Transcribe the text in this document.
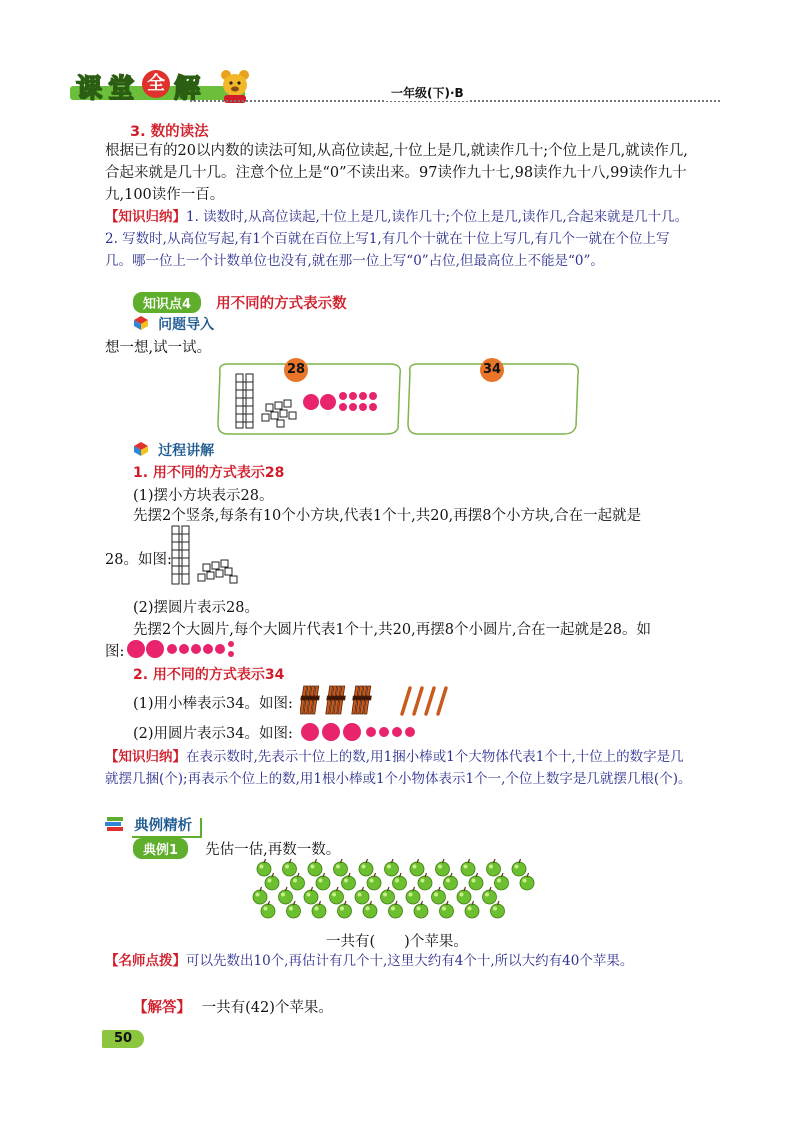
课 堂 全 解	一年级(下)·B
3. 数的读法
根据已有的20以内数的读法可知,从高位读起,十位上是几,就读作几十;个位上是几,就读作几,合起来就是几十几。注意个位上是“0”不读出来。97读作九十七,98读作九十八,99读作九十九,100读作一百。
【知识归纳】1. 读数时,从高位读起,十位上是几,读作几十;个位上是几,读作几,合起来就是几十几。2. 写数时,从高位写起,有1个百就在百位上写1,有几个十就在十位上写几,有几个一就在个位上写几。哪一位上一个计数单位也没有,就在那一位上写“0”占位,但最高位上不能是“0”。
知识点4 用不同的方式表示数
问题导入
想一想,试一试。
28	34
过程讲解
1. 用不同的方式表示28
(1)摆小方块表示28。
先摆2个竖条,每条有10个小方块,代表1个十,共20,再摆8个小方块,合在一起就是
28。如图:
(2)摆圆片表示28。
先摆2个大圆片,每个大圆片代表1个十,共20,再摆8个小圆片,合在一起就是28。如
图:
2. 用不同的方式表示34
(1)用小棒表示34。如图:
(2)用圆片表示34。如图:
【知识归纳】在表示数时,先表示十位上的数,用1捆小棒或1个大物体代表1个十,十位上的数字是几就摆几捆(个);再表示个位上的数,用1根小棒或1个小物体表示1个一,个位上数字是几就摆几根(个)。
典例精析
典例1 先估一估,再数一数。
一共有(　　)个苹果。
【名师点拨】可以先数出10个,再估计有几个十,这里大约有4个十,所以大约有40个苹果。
【解答】 一共有(42)个苹果。
50
